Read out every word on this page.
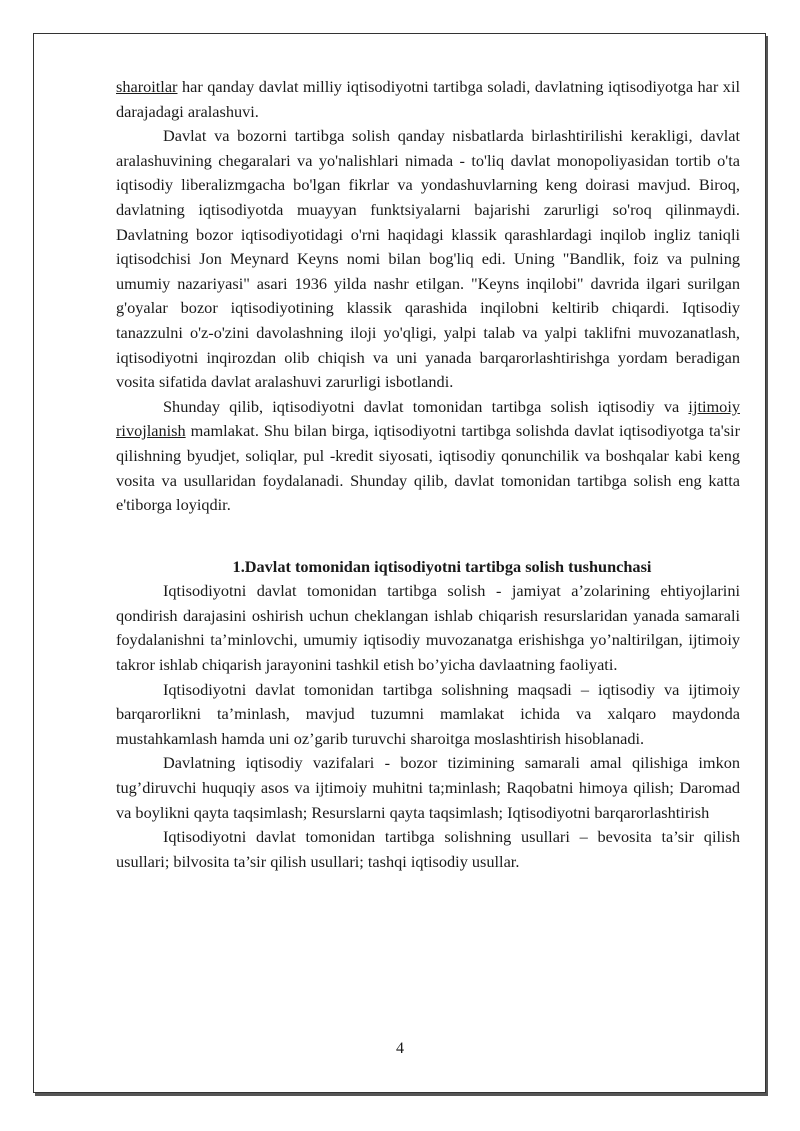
sharoitlar har qanday davlat milliy iqtisodiyotni tartibga soladi, davlatning iqtisodiyotga har xil darajadagi aralashuvi.

Davlat va bozorni tartibga solish qanday nisbatlarda birlashtirilishi kerakligi, davlat aralashuvining chegaralari va yo'nalishlari nimada - to'liq davlat monopoliyasidan tortib o'ta iqtisodiy liberalizmgacha bo'lgan fikrlar va yondashuvlarning keng doirasi mavjud. Biroq, davlatning iqtisodiyotda muayyan funktsiyalarni bajarishi zarurligi so'roq qilinmaydi. Davlatning bozor iqtisodiyotidagi o'rni haqidagi klassik qarashlardagi inqilob ingliz taniqli iqtisodchisi Jon Meynard Keyns nomi bilan bog'liq edi. Uning "Bandlik, foiz va pulning umumiy nazariyasi" asari 1936 yilda nashr etilgan. "Keyns inqilobi" davrida ilgari surilgan g'oyalar bozor iqtisodiyotining klassik qarashida inqilobni keltirib chiqardi. Iqtisodiy tanazzulni o'z-o'zini davolashning iloji yo'qligi, yalpi talab va yalpi taklifni muvozanatlash, iqtisodiyotni inqirozdan olib chiqish va uni yanada barqarorlashtirishga yordam beradigan vosita sifatida davlat aralashuvi zarurligi isbotlandi.

Shunday qilib, iqtisodiyotni davlat tomonidan tartibga solish iqtisodiy va ijtimoiy rivojlanish mamlakat. Shu bilan birga, iqtisodiyotni tartibga solishda davlat iqtisodiyotga ta'sir qilishning byudjet, soliqlar, pul -kredit siyosati, iqtisodiy qonunchilik va boshqalar kabi keng vosita va usullaridan foydalanadi. Shunday qilib, davlat tomonidan tartibga solish eng katta e'tiborga loyiqdir.

1.Davlat tomonidan iqtisodiyotni tartibga solish tushunchasi

Iqtisodiyotni davlat tomonidan tartibga solish - jamiyat a’zolarining ehtiyojlarini qondirish darajasini oshirish uchun cheklangan ishlab chiqarish resurslaridan yanada samarali foydalanishni ta’minlovchi, umumiy iqtisodiy muvozanatga erishishga yo’naltirilgan, ijtimoiy takror ishlab chiqarish jarayonini tashkil etish bo’yicha davlaatning faoliyati.

Iqtisodiyotni davlat tomonidan tartibga solishning maqsadi – iqtisodiy va ijtimoiy barqarorlikni ta’minlash, mavjud tuzumni mamlakat ichida va xalqaro maydonda mustahkamlash hamda uni oz’garib turuvchi sharoitga moslashtirish hisoblanadi.

Davlatning iqtisodiy vazifalari - bozor tizimining samarali amal qilishiga imkon tug’diruvchi huquqiy asos va ijtimoiy muhitni ta;minlash; Raqobatni himoya qilish; Daromad va boylikni qayta taqsimlash; Resurslarni qayta taqsimlash; Iqtisodiyotni barqarorlashtirish

Iqtisodiyotni davlat tomonidan tartibga solishning usullari – bevosita ta’sir qilish usullari; bilvosita ta’sir qilish usullari; tashqi iqtisodiy usullar.

4
